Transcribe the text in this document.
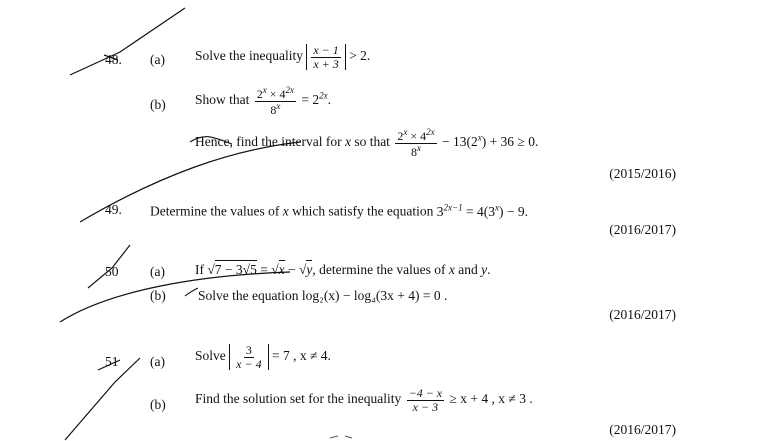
48. (a) Solve the inequality $\frac{x - 1}{x + 3} > 2$.
(b) Show that $\frac{2^x \times 4^{2x}}{8^x} = 2^{2x}$.
Hence, find the interval for x so that $\frac{2^x \times 4^{2x}}{8^x} - 13(2^x) + 36 \ge 0$.
(2015/2016)
49. Determine the values of x which satisfy the equation $3^{2x-1} = 4(3^x) - 9$.
(2016/2017)
50 (a) If √7 − 3√5 = √x − √y, determine the values of x and y.
(b) Solve the equation log₂(x) − log₄(3x + 4) = 0 .
(2016/2017)
51 (a) Solve $\frac{3}{x - 4} = 7$ , x ≠ 4.
(b) Find the solution set for the inequality $\frac{-4 - x}{x - 3} \ge x + 4$ , x ≠ 3 .
(2016/2017)
